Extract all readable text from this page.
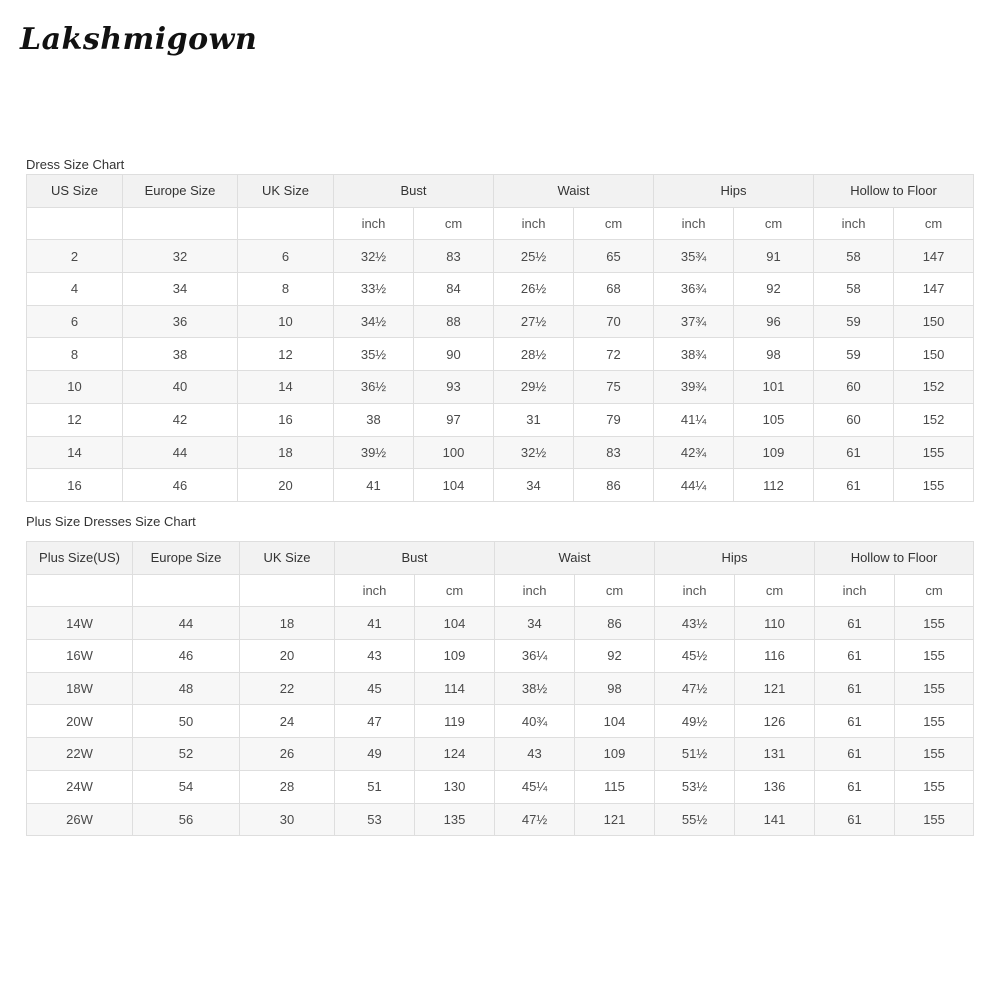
Lakshmigown
Dress Size Chart
US Size	Europe Size	UK Size	Bust		Waist		Hips		Hollow to Floor	
			inch	cm	inch	cm	inch	cm	inch	cm
2	32	6	32½	83	25½	65	35¾	91	58	147
4	34	8	33½	84	26½	68	36¾	92	58	147
6	36	10	34½	88	27½	70	37¾	96	59	150
8	38	12	35½	90	28½	72	38¾	98	59	150
10	40	14	36½	93	29½	75	39¾	101	60	152
12	42	16	38	97	31	79	41¼	105	60	152
14	44	18	39½	100	32½	83	42¾	109	61	155
16	46	20	41	104	34	86	44¼	112	61	155
Plus Size Dresses Size Chart
Plus Size(US)	Europe Size	UK Size	Bust		Waist		Hips		Hollow to Floor	
			inch	cm	inch	cm	inch	cm	inch	cm
14W	44	18	41	104	34	86	43½	110	61	155
16W	46	20	43	109	36¼	92	45½	116	61	155
18W	48	22	45	114	38½	98	47½	121	61	155
20W	50	24	47	119	40¾	104	49½	126	61	155
22W	52	26	49	124	43	109	51½	131	61	155
24W	54	28	51	130	45¼	115	53½	136	61	155
26W	56	30	53	135	47½	121	55½	141	61	155
